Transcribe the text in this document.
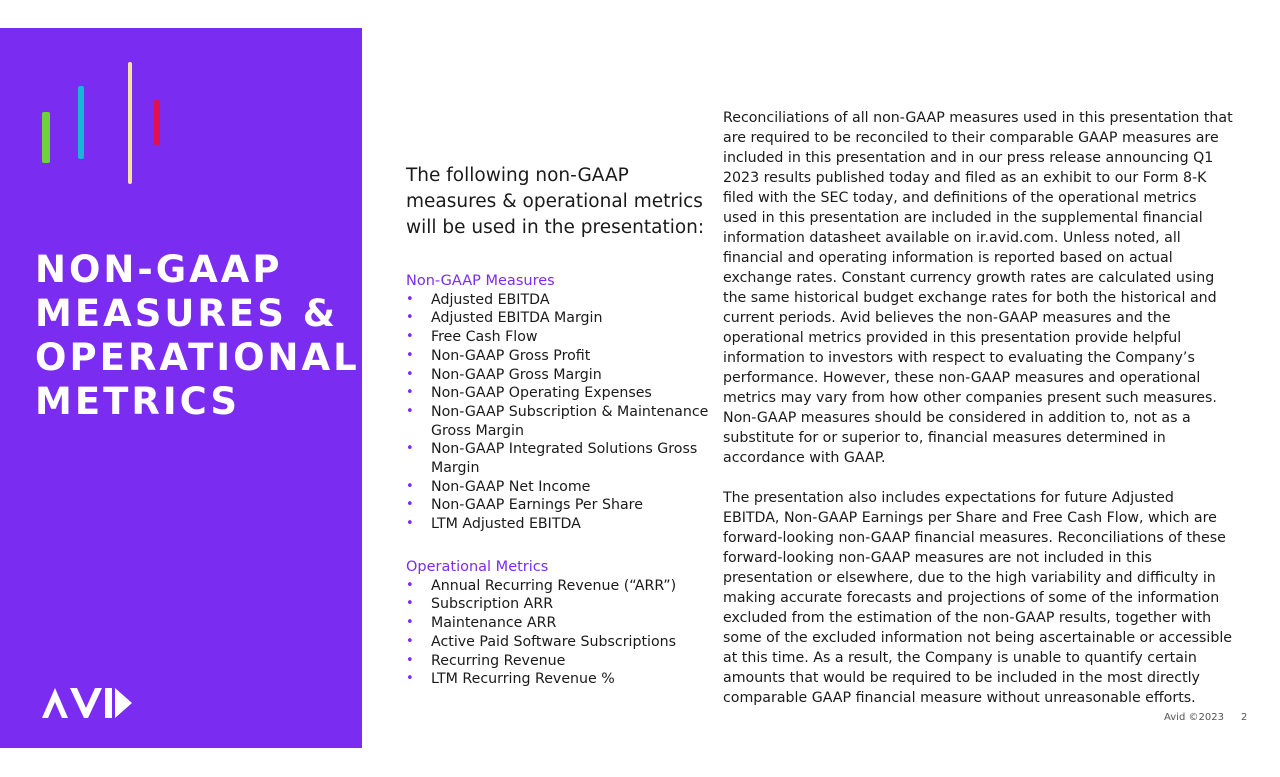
NON-GAAP
MEASURES &
OPERATIONAL
METRICS
The following non-GAAP measures & operational metrics will be used in the presentation:
Non-GAAP Measures
• Adjusted EBITDA
• Adjusted EBITDA Margin
• Free Cash Flow
• Non-GAAP Gross Profit
• Non-GAAP Gross Margin
• Non-GAAP Operating Expenses
• Non-GAAP Subscription & Maintenance Gross Margin
• Non-GAAP Integrated Solutions Gross Margin
• Non-GAAP Net Income
• Non-GAAP Earnings Per Share
• LTM Adjusted EBITDA
Operational Metrics
• Annual Recurring Revenue (“ARR”)
• Subscription ARR
• Maintenance ARR
• Active Paid Software Subscriptions
• Recurring Revenue
• LTM Recurring Revenue %

Reconciliations of all non-GAAP measures used in this presentation that are required to be reconciled to their comparable GAAP measures are included in this presentation and in our press release announcing Q1 2023 results published today and filed as an exhibit to our Form 8-K filed with the SEC today, and definitions of the operational metrics used in this presentation are included in the supplemental financial information datasheet available on ir.avid.com. Unless noted, all financial and operating information is reported based on actual exchange rates. Constant currency growth rates are calculated using the same historical budget exchange rates for both the historical and current periods. Avid believes the non-GAAP measures and the operational metrics provided in this presentation provide helpful information to investors with respect to evaluating the Company’s performance. However, these non-GAAP measures and operational metrics may vary from how other companies present such measures. Non-GAAP measures should be considered in addition to, not as a substitute for or superior to, financial measures determined in accordance with GAAP.

The presentation also includes expectations for future Adjusted EBITDA, Non-GAAP Earnings per Share and Free Cash Flow, which are forward-looking non-GAAP financial measures. Reconciliations of these forward-looking non-GAAP measures are not included in this presentation or elsewhere, due to the high variability and difficulty in making accurate forecasts and projections of some of the information excluded from the estimation of the non-GAAP results, together with some of the excluded information not being ascertainable or accessible at this time. As a result, the Company is unable to quantify certain amounts that would be required to be included in the most directly comparable GAAP financial measure without unreasonable efforts.

Avid ©2023 2
